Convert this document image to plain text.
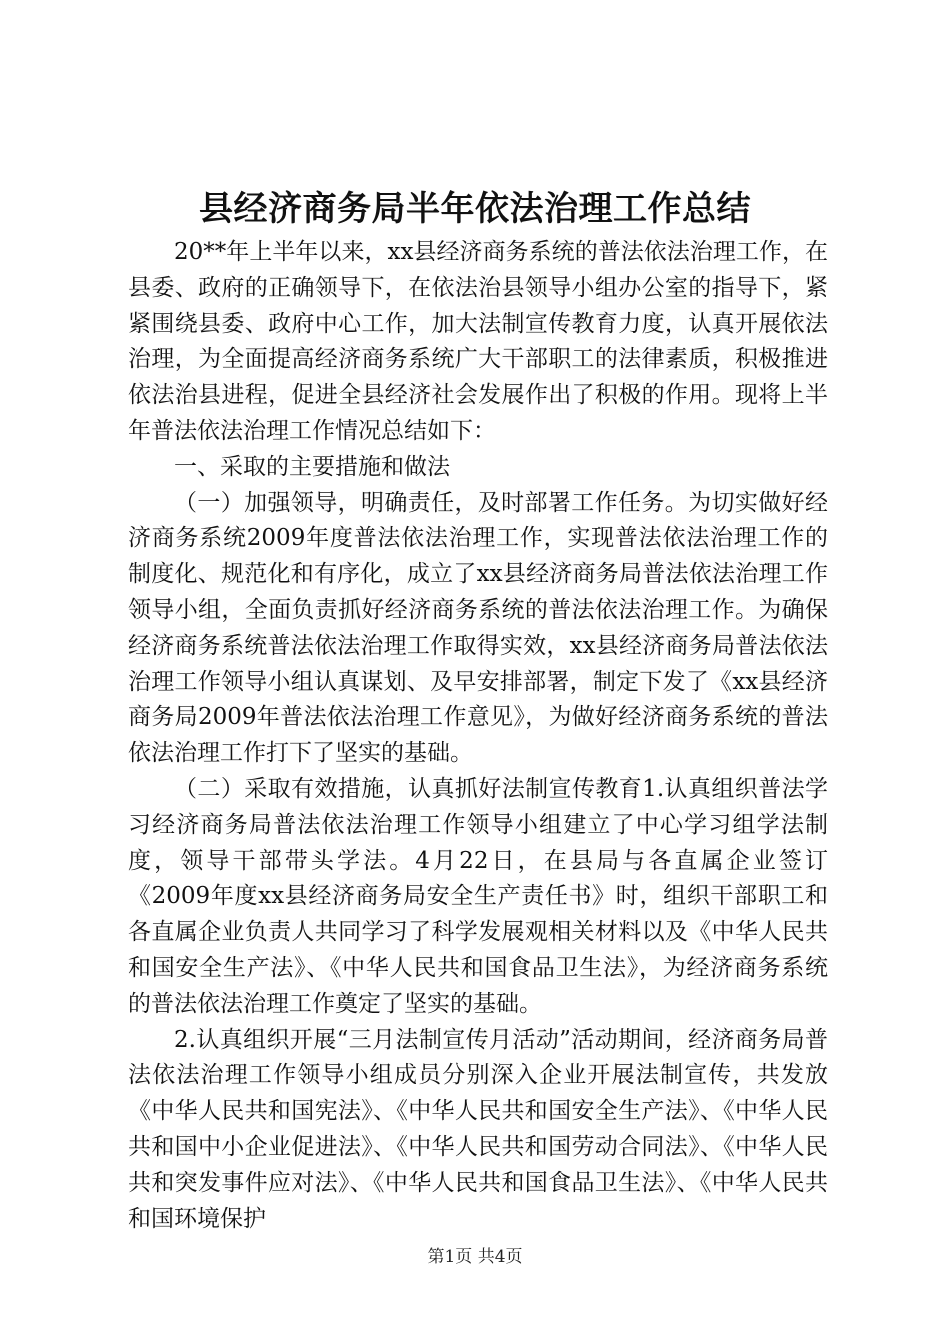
县经济商务局半年依法治理工作总结

20**年上半年以来，xx县经济商务系统的普法依法治理工作，在县委、政府的正确领导下，在依法治县领导小组办公室的指导下，紧紧围绕县委、政府中心工作，加大法制宣传教育力度，认真开展依法治理，为全面提高经济商务系统广大干部职工的法律素质，积极推进依法治县进程，促进全县经济社会发展作出了积极的作用。现将上半年普法依法治理工作情况总结如下：

一、采取的主要措施和做法

（一）加强领导，明确责任，及时部署工作任务。为切实做好经济商务系统2009年度普法依法治理工作，实现普法依法治理工作的制度化、规范化和有序化，成立了xx县经济商务局普法依法治理工作领导小组，全面负责抓好经济商务系统的普法依法治理工作。为确保经济商务系统普法依法治理工作取得实效，xx县经济商务局普法依法治理工作领导小组认真谋划、及早安排部署，制定下发了《xx县经济商务局2009年普法依法治理工作意见》，为做好经济商务系统的普法依法治理工作打下了坚实的基础。

（二）采取有效措施，认真抓好法制宣传教育1.认真组织普法学习经济商务局普法依法治理工作领导小组建立了中心学习组学法制度，领导干部带头学法。4月22日，在县局与各直属企业签订《2009年度xx县经济商务局安全生产责任书》时，组织干部职工和各直属企业负责人共同学习了科学发展观相关材料以及《中华人民共和国安全生产法》、《中华人民共和国食品卫生法》，为经济商务系统的普法依法治理工作奠定了坚实的基础。

2.认真组织开展“三月法制宣传月活动”活动期间，经济商务局普法依法治理工作领导小组成员分别深入企业开展法制宣传，共发放《中华人民共和国宪法》、《中华人民共和国安全生产法》、《中华人民共和国中小企业促进法》、《中华人民共和国劳动合同法》、《中华人民共和突发事件应对法》、《中华人民共和国食品卫生法》、《中华人民共和国环境保护

第1页 共4页
